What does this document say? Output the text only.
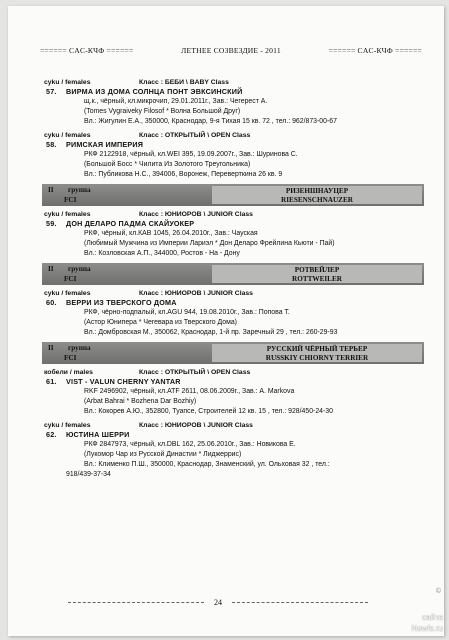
====== CAC-КЧФ ======	ЛЕТНЕЕ СОЗВЕЗДИЕ - 2011	====== CAC-КЧФ ======
cyku / females	Класс : БЕБИ \ BABY Class
57. ВИРМА ИЗ ДОМА СОЛНЦА ПОНТ ЭВКСИНСКИЙ
щ.к., чёрный, кл.микрочип, 29.01.2011г., Зав.: Чегерест А.
(Tomes Vygraiveky Filosof * Волна Большой Друг)
Вл.: Жигулин Е.А., 350000, Краснодар, 9-я Тихая 15 кв. 72 , тел.: 962/873-00-67
cyku / females	Класс : ОТКРЫТЫЙ \ OPEN Class
58. РИМСКАЯ ИМПЕРИЯ
РКФ 2122918, чёрный, кл.WEI 395, 19.09.2007г., Зав.: Шуринова С.
(Большой Босс * Чилита Из Золотого Треугольника)
Вл.: Публикова Н.С., 394006, Воронеж, Переверткина 26 кв. 9
II группа
FCI
РИЗЕНШНАУЦЕР
RIESENSCHNAUZER
cyku / females	Класс : ЮНИОРОВ \ JUNIOR Class
59. ДОН ДЕЛАРО ПАДМА СКАЙУОКЕР
РКФ, чёрный, кл.КАВ 1045, 26.04.2010г., Зав.: Чауская
(Любимый Мужчина из Империи Лариэл * Дон Деларо Фрейлина Кьюти - Пай)
Вл.: Козловская А.П., 344000, Ростов - На - Дону
II группа
FCI
РОТВЕЙЛЕР
ROTTWEILER
cyku / females	Класс : ЮНИОРОВ \ JUNIOR Class
60. ВЕРРИ ИЗ ТВЕРСКОГО ДОМА
РКФ, чёрно-подпалый, кл.AGU 944, 19.08.2010г., Зав.: Попова Т.
(Астор Юнипера * Чегевара из Тверского Дома)
Вл.: Домбровская М., 350062, Краснодар, 1-й пр. Заречный 29 , тел.: 260-29-93
II группа
FCI
РУССКИЙ ЧЁРНЫЙ ТЕРЬЕР
RUSSKIY CHIORNY TERRIER
кобели / males	Класс : ОТКРЫТЫЙ \ OPEN Class
61. VIST - VALUN CHERNY YANTAR
RKF 2496902, чёрный, кл.ATF 2611, 08.06.2009г., Зав.: A. Markova
(Arbat Bahrai * Bozhena Dar Bozhiy)
Вл.: Кокорев А.Ю., 352800, Туапсе, Строителей 12 кв. 15 , тел.: 928/450-24-30
cyku / females	Класс : ЮНИОРОВ \ JUNIOR Class
62. ЮСТИНА ШЕРРИ
РКФ 2847973, чёрный, кл.DBL 162, 25.06.2010г., Зав.: Новикова Е.
(Лукомор Чар из Русской Династии * Лиджеррис)
Вл.: Клименко П.Ш., 350000, Краснодар, Знаменский, ул. Ольховая 32 , тел.:
918/439-37-34
24
©
сайта
Newfs.ru
